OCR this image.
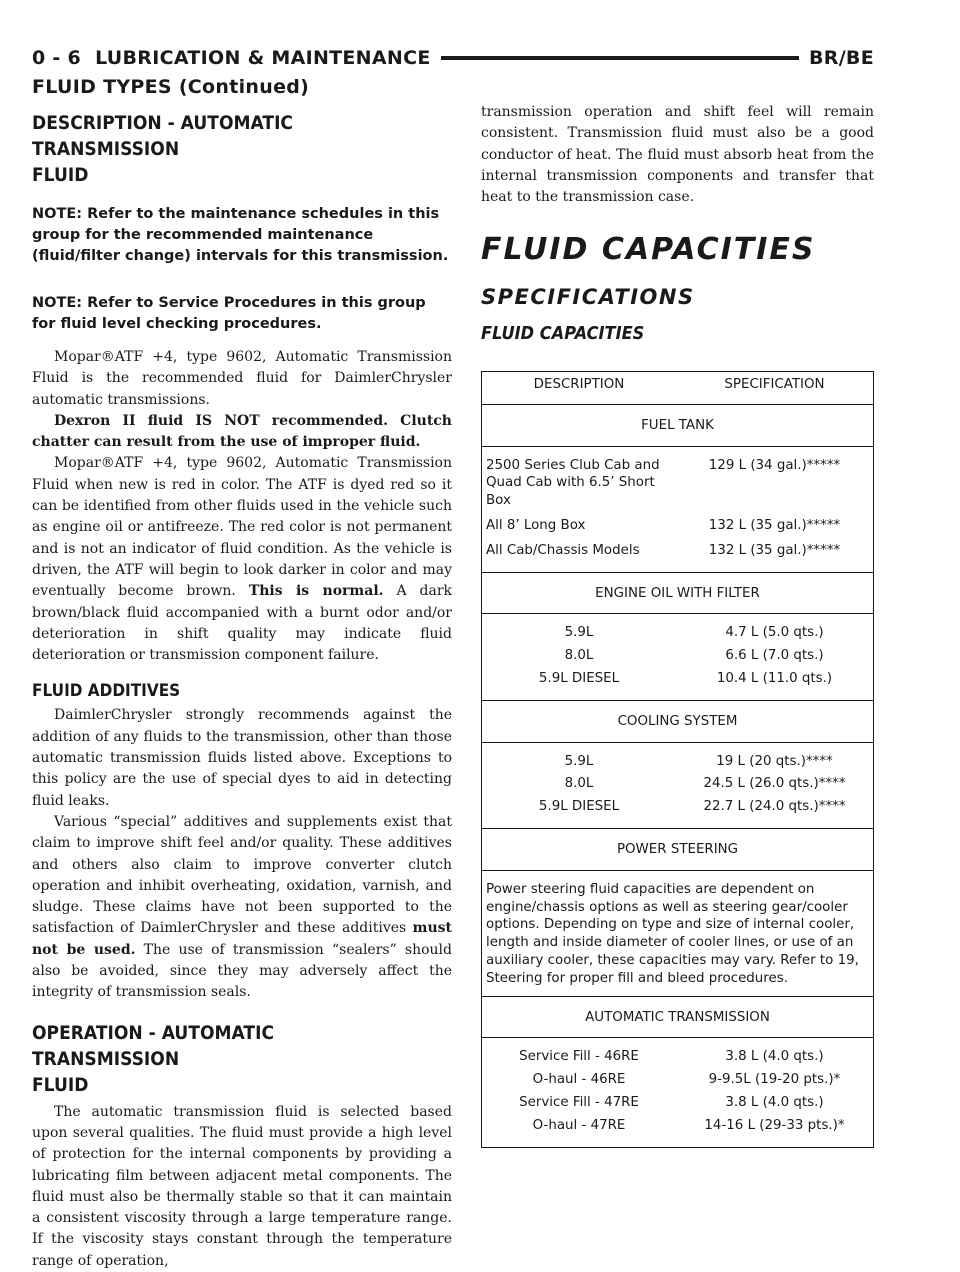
0 - 6 LUBRICATION & MAINTENANCE	BR/BE
FLUID TYPES (Continued)

DESCRIPTION - AUTOMATIC TRANSMISSION
FLUID

NOTE: Refer to the maintenance schedules in this group for the recommended maintenance (fluid/filter change) intervals for this transmission.

NOTE: Refer to Service Procedures in this group for fluid level checking procedures.

Mopar®ATF +4, type 9602, Automatic Transmission Fluid is the recommended fluid for DaimlerChrysler automatic transmissions.

Dexron II fluid IS NOT recommended. Clutch chatter can result from the use of improper fluid.

Mopar®ATF +4, type 9602, Automatic Transmission Fluid when new is red in color. The ATF is dyed red so it can be identified from other fluids used in the vehicle such as engine oil or antifreeze. The red color is not permanent and is not an indicator of fluid condition. As the vehicle is driven, the ATF will begin to look darker in color and may eventually become brown. This is normal. A dark brown/black fluid accompanied with a burnt odor and/or deterioration in shift quality may indicate fluid deterioration or transmission component failure.

FLUID ADDITIVES

DaimlerChrysler strongly recommends against the addition of any fluids to the transmission, other than those automatic transmission fluids listed above. Exceptions to this policy are the use of special dyes to aid in detecting fluid leaks.

Various “special” additives and supplements exist that claim to improve shift feel and/or quality. These additives and others also claim to improve converter clutch operation and inhibit overheating, oxidation, varnish, and sludge. These claims have not been supported to the satisfaction of DaimlerChrysler and these additives must not be used. The use of transmission “sealers” should also be avoided, since they may adversely affect the integrity of transmission seals.

OPERATION - AUTOMATIC TRANSMISSION
FLUID

The automatic transmission fluid is selected based upon several qualities. The fluid must provide a high level of protection for the internal components by providing a lubricating film between adjacent metal components. The fluid must also be thermally stable so that it can maintain a consistent viscosity through a large temperature range. If the viscosity stays constant through the temperature range of operation,

transmission operation and shift feel will remain consistent. Transmission fluid must also be a good conductor of heat. The fluid must absorb heat from the internal transmission components and transfer that heat to the transmission case.

FLUID CAPACITIES

SPECIFICATIONS

FLUID CAPACITIES

DESCRIPTION	SPECIFICATION
FUEL TANK	
2500 Series Club Cab and Quad Cab with 6.5’ Short Box	129 L (34 gal.)*****
All 8’ Long Box	132 L (35 gal.)*****
All Cab/Chassis Models	132 L (35 gal.)*****
ENGINE OIL WITH FILTER	
5.9L	4.7 L (5.0 qts.)
8.0L	6.6 L (7.0 qts.)
5.9L DIESEL	10.4 L (11.0 qts.)
COOLING SYSTEM	
5.9L	19 L (20 qts.)****
8.0L	24.5 L (26.0 qts.)****
5.9L DIESEL	22.7 L (24.0 qts.)****
POWER STEERING	
Power steering fluid capacities are dependent on engine/chassis options as well as steering gear/cooler options. Depending on type and size of internal cooler, length and inside diameter of cooler lines, or use of an auxiliary cooler, these capacities may vary. Refer to 19, Steering for proper fill and bleed procedures.	
AUTOMATIC TRANSMISSION	
Service Fill - 46RE	3.8 L (4.0 qts.)
O-haul - 46RE	9-9.5L (19-20 pts.)*
Service Fill - 47RE	3.8 L (4.0 qts.)
O-haul - 47RE	14-16 L (29-33 pts.)*
